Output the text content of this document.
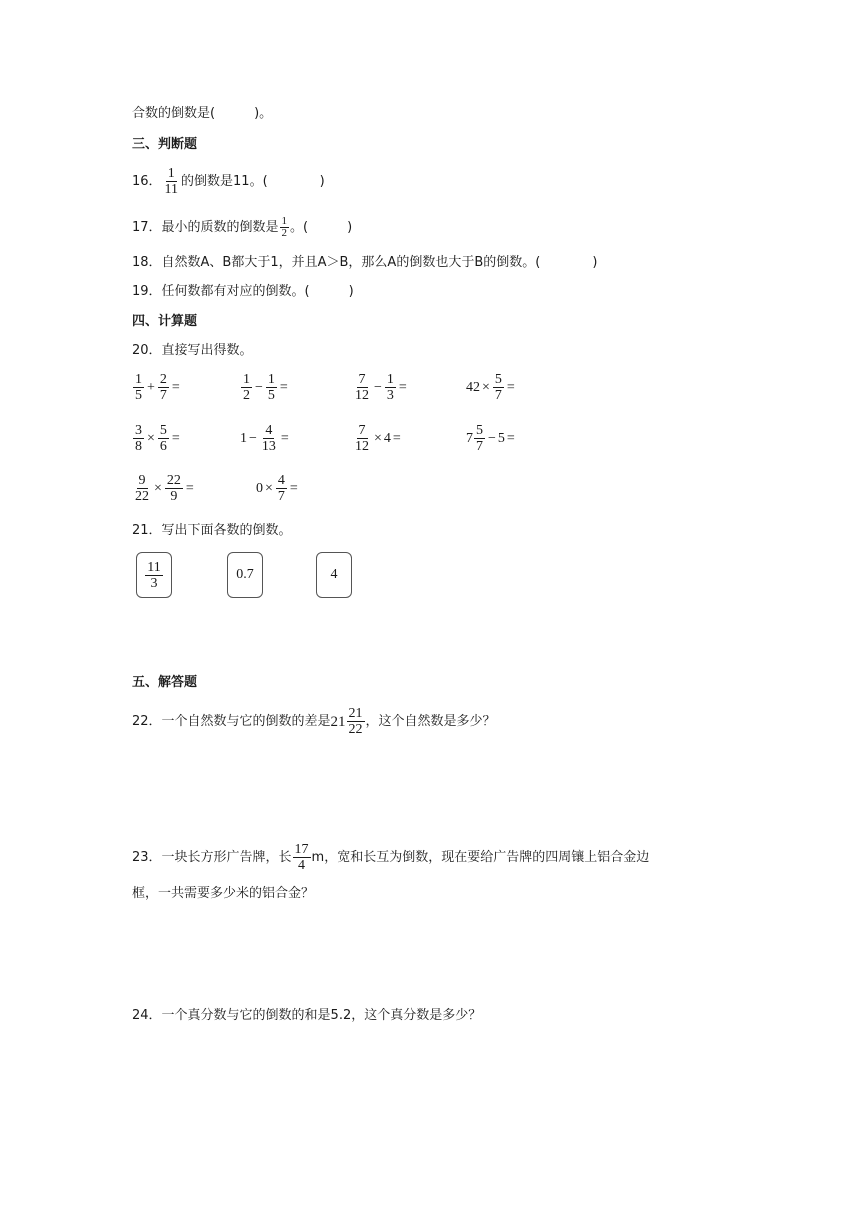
合数的倒数是(　　　)。
三、判断题
16． $\frac{1}{11}$ 的倒数是11。(　　　　)
17．最小的质数的倒数是 $\frac{1}{2}$ 。(　　　)
18．自然数A、B都大于1，并且A＞B，那么A的倒数也大于B的倒数。(　　　　)
19．任何数都有对应的倒数。(　　　)
四、计算题
20．直接写出得数。
$\frac{1}{5} + \frac{2}{7}$ =	$\frac{1}{2} - \frac{1}{5}$ =	$\frac{7}{12} - \frac{1}{3}$ =	$42 \times \frac{5}{7}$ =
$\frac{3}{8} \times \frac{5}{6}$ =	$1 - \frac{4}{13}$ =	$\frac{7}{12} \times 4$ =	$7 \frac{5}{7} - 5$ =
$\frac{9}{22} \times \frac{22}{9}$ =	$0 \times \frac{4}{7}$ =
21．写出下面各数的倒数。
$\frac{11}{3}$	0.7	4
五、解答题
22．一个自然数与它的倒数的差是 $21 \frac{21}{22}$ ，这个自然数是多少？
23．一块长方形广告牌，长 $\frac{17}{4}$ m，宽和长互为倒数，现在要给广告牌的四周镶上铝合金边
框，一共需要多少米的铝合金？
24．一个真分数与它的倒数的和是5.2，这个真分数是多少？
